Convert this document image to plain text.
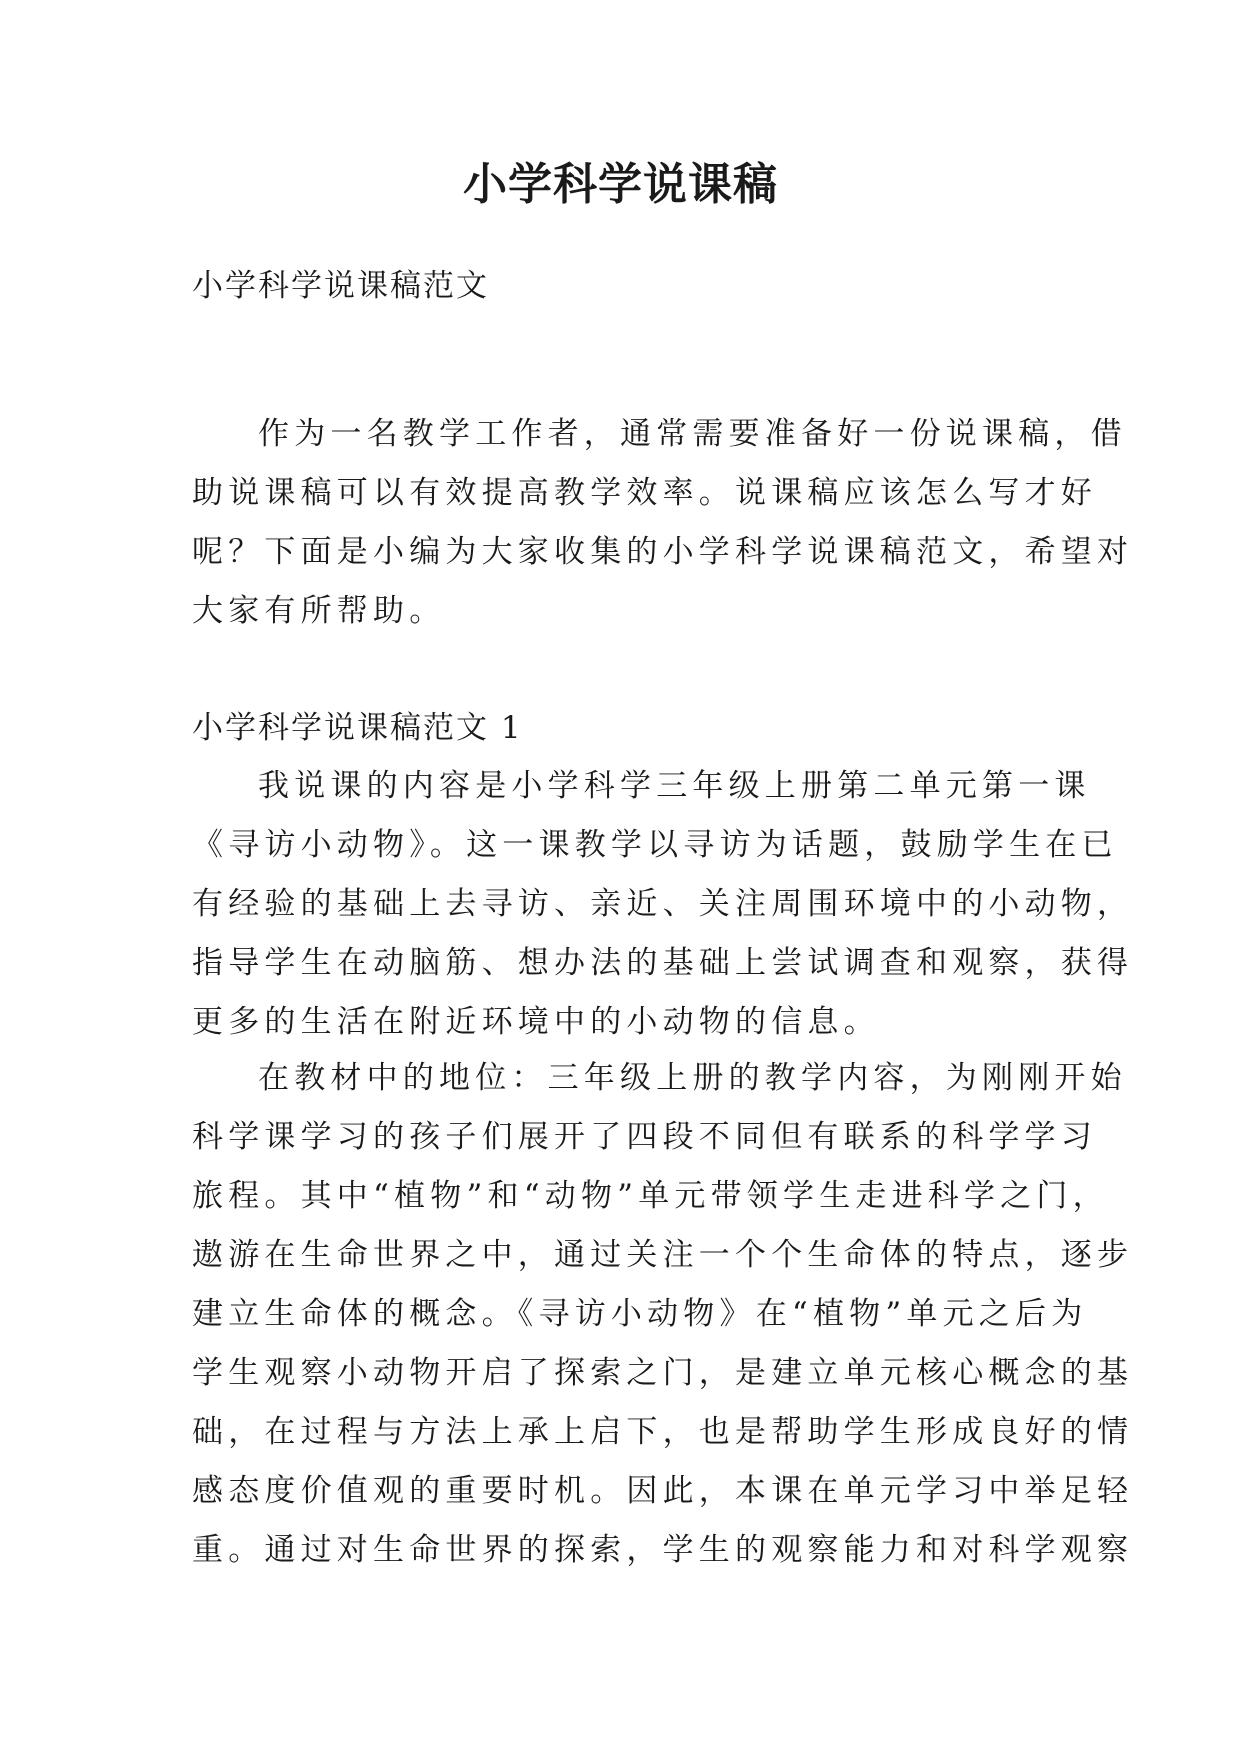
小学科学说课稿

小学科学说课稿范文

作为一名教学工作者，通常需要准备好一份说课稿，借
助说课稿可以有效提高教学效率。说课稿应该怎么写才好
呢？下面是小编为大家收集的小学科学说课稿范文，希望对
大家有所帮助。

小学科学说课稿范文 1

我说课的内容是小学科学三年级上册第二单元第一课
《寻访小动物》。这一课教学以寻访为话题，鼓励学生在已
有经验的基础上去寻访、亲近、关注周围环境中的小动物，
指导学生在动脑筋、想办法的基础上尝试调查和观察，获得
更多的生活在附近环境中的小动物的信息。
在教材中的地位：三年级上册的教学内容，为刚刚开始
科学课学习的孩子们展开了四段不同但有联系的科学学习
旅程。其中“植物”和“动物”单元带领学生走进科学之门，
遨游在生命世界之中，通过关注一个个生命体的特点，逐步
建立生命体的概念。《寻访小动物》在“植物”单元之后为
学生观察小动物开启了探索之门，是建立单元核心概念的基
础，在过程与方法上承上启下，也是帮助学生形成良好的情
感态度价值观的重要时机。因此，本课在单元学习中举足轻
重。通过对生命世界的探索，学生的观察能力和对科学观察
